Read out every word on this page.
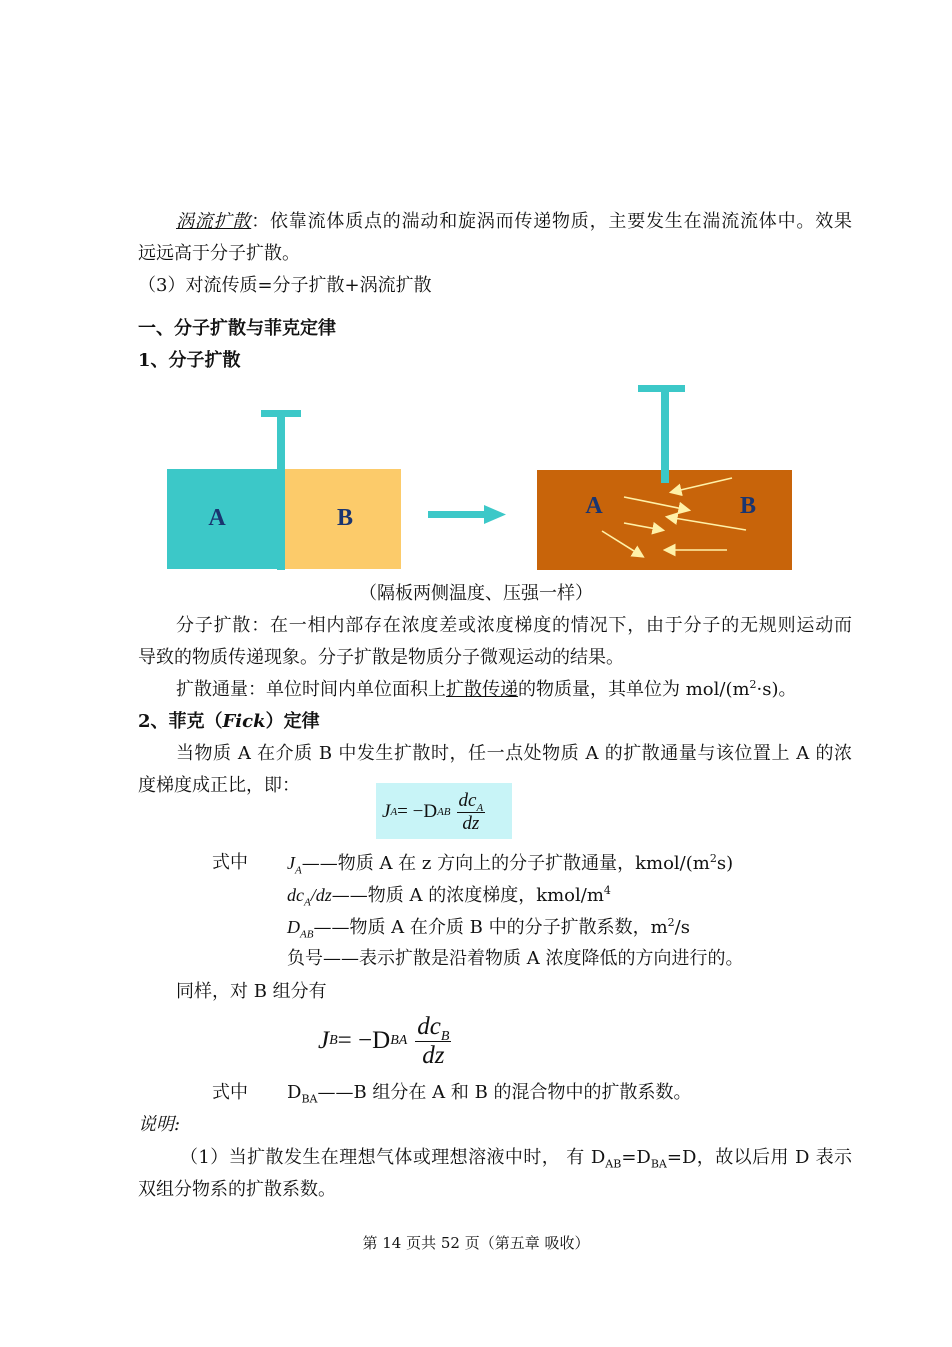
涡流扩散：依靠流体质点的湍动和旋涡而传递物质，主要发生在湍流流体中。效果
远远高于分子扩散。
（3）对流传质=分子扩散+涡流扩散
一、分子扩散与菲克定律
1、分子扩散
A	B	A	B
（隔板两侧温度、压强一样）
分子扩散：在一相内部存在浓度差或浓度梯度的情况下，由于分子的无规则运动而
导致的物质传递现象。分子扩散是物质分子微观运动的结果。
扩散通量：单位时间内单位面积上扩散传递的物质量，其单位为 mol/$(m^2\cdot s)$。
2、菲克（Fick）定律
当物质 A 在介质 B 中发生扩散时，任一点处物质 A 的扩散通量与该位置上 A 的浓
度梯度成正比，即：
J A = −D AB $\frac{dc_A}{dz}$
式中	$J_A——$物质 A 在 z 方向上的分子扩散通量，kmol/$(m^2s)$
$dc_A/dz——$物质 A 的浓度梯度，kmol/$m^4$
$D_{AB}——$物质 A 在介质 B 中的分子扩散系数，$m^2/s$
负号——表示扩散是沿着物质 A 浓度降低的方向进行的。
同样，对 B 组分有
J B = −D BA $\frac{dc_B}{dz}$
式中	$D_{BA}——B$ 组分在 A 和 B 的混合物中的扩散系数。
说明:
（1）当扩散发生在理想气体或理想溶液中时， 有 $D_{AB}=D_{BA}=D$，故以后用 D 表示
双组分物系的扩散系数。
第 14 页共 52 页（第五章 吸收）
